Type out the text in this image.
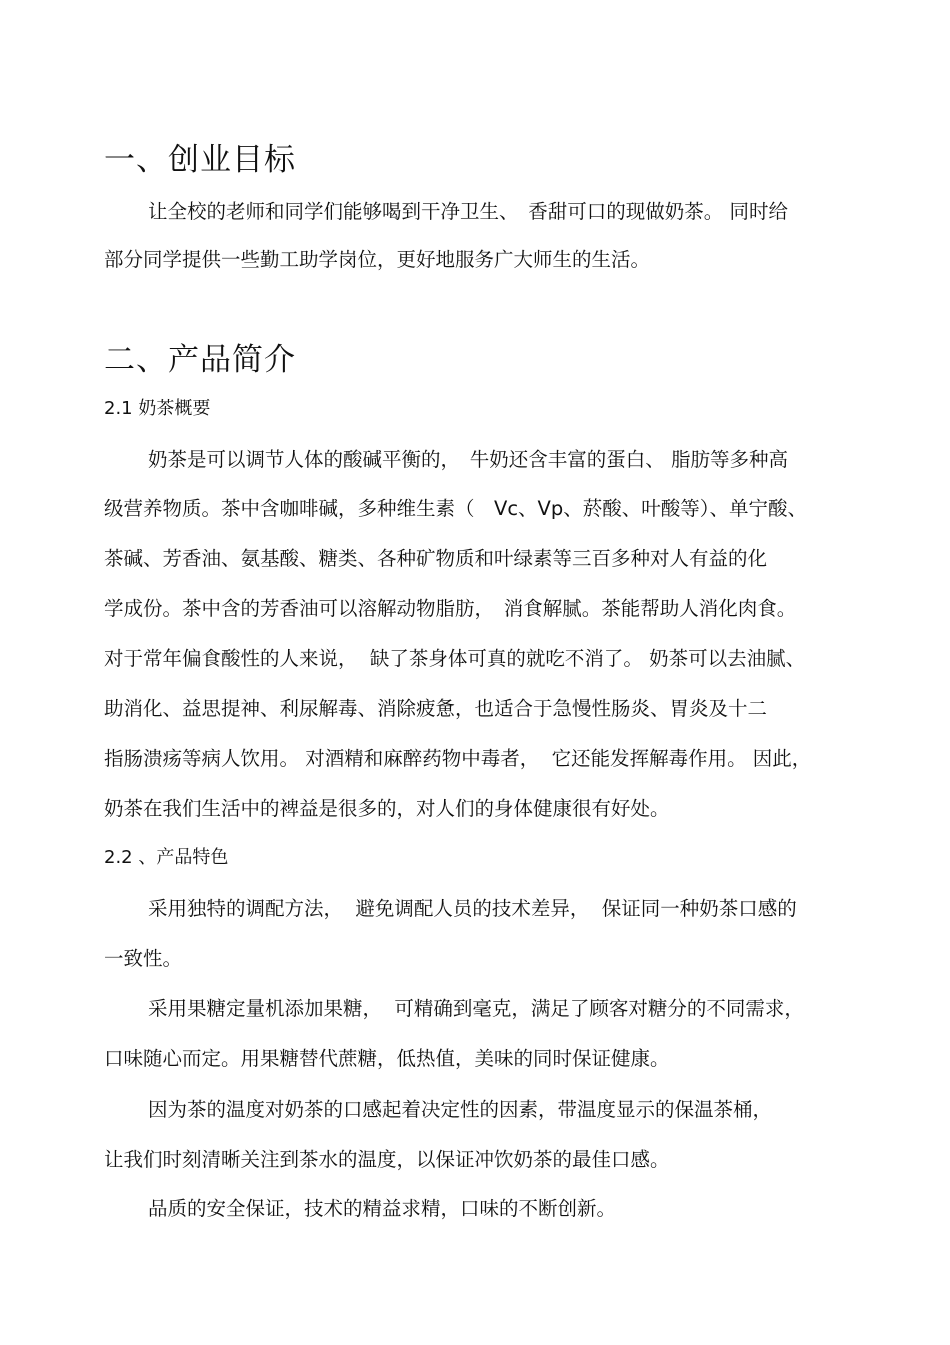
一、创业目标
让全校的老师和同学们能够喝到干净卫生、　香甜可口的现做奶茶。 同时给
部分同学提供一些勤工助学岗位，更好地服务广大师生的生活。
二、产品简介
2.1 奶茶概要
奶茶是可以调节人体的酸碱平衡的，　牛奶还含丰富的蛋白、 脂肪等多种高
级营养物质。茶中含咖啡碱，多种维生素（　Vc、Vp、菸酸、叶酸等）、单宁酸、
茶碱、芳香油、氨基酸、糖类、各种矿物质和叶绿素等三百多种对人有益的化
学成份。茶中含的芳香油可以溶解动物脂肪，　消食解腻。茶能帮助人消化肉食。
对于常年偏食酸性的人来说，  缺了茶身体可真的就吃不消了。 奶茶可以去油腻、
助消化、益思提神、利尿解毒、消除疲惫，也适合于急慢性肠炎、胃炎及十二
指肠溃疡等病人饮用。 对酒精和麻醉药物中毒者，  它还能发挥解毒作用。 因此，
奶茶在我们生活中的裨益是很多的，对人们的身体健康很有好处。
2.2 、产品特色
采用独特的调配方法，  避免调配人员的技术差异，  保证同一种奶茶口感的
一致性。
采用果糖定量机添加果糖，  可精确到毫克，满足了顾客对糖分的不同需求，
口味随心而定。用果糖替代蔗糖，低热值，美味的同时保证健康。
因为茶的温度对奶茶的口感起着决定性的因素，带温度显示的保温茶桶，
让我们时刻清晰关注到茶水的温度，以保证冲饮奶茶的最佳口感。
品质的安全保证，技术的精益求精，口味的不断创新。
